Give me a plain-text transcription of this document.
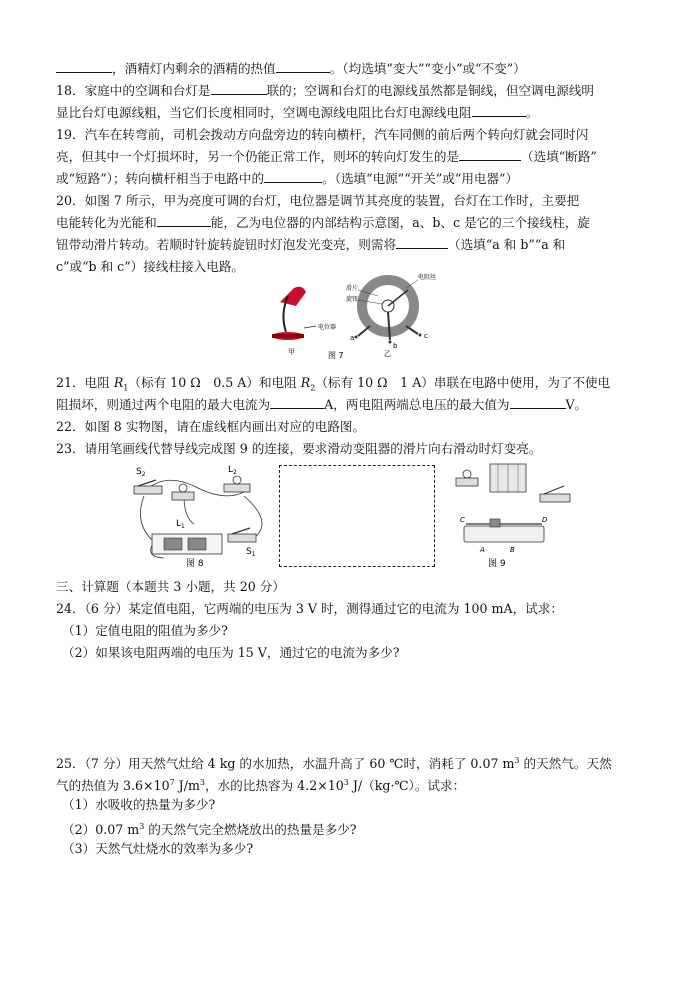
，酒精灯内剩余的酒精的热值	。（均选填“变大”“变小”或“不变”）
18．家庭中的空调和台灯是	联的；空调和台灯的电源线虽然都是铜线，但空调电源线明
显比台灯电源线粗，当它们长度相同时，空调电源线电阻比台灯电源线电阻	。
19．汽车在转弯前，司机会拨动方向盘旁边的转向横杆，汽车同侧的前后两个转向灯就会同时闪
亮，但其中一个灯损坏时，另一个仍能正常工作，则坏的转向灯发生的是	（选填“断路”
或“短路”）；转向横杆相当于电路中的	。（选填“电源”“开关”或“用电器”）
20．如图 7 所示，甲为亮度可调的台灯，电位器是调节其亮度的装置，台灯在工作时，主要把
电能转化为光能和	能，乙为电位器的内部结构示意图，a、b、c 是它的三个接线柱，旋
钮带动滑片转动。若顺时针旋转旋钮时灯泡发光变亮，则需将	（选填“a 和 b”“a 和
c”或“b 和 c”）接线柱接入电路。
电位器
甲	图 7
滑片
旋钮
电阻丝
a
b
c
乙
21．电阻 $R_1$（标有 10 Ω　0.5 A）和电阻 $R_2$（标有 10 Ω　1 A）串联在电路中使用，为了不使电
阻损坏，则通过两个电阻的最大电流为	A，两电阻两端总电压的最大值为	V。
22．如图 8 实物图，请在虚线框内画出对应的电路图。
23．请用笔画线代替导线完成图 9 的连接，要求滑动变阻器的滑片向右滑动时灯变亮。
$S_2$	$L_2$
$L_1$
$S_1$
图 8
C	D
A	B
图 9
三、计算题（本题共 3 小题，共 20 分）
24．（6 分）某定值电阻，它两端的电压为 3 V 时，测得通过它的电流为 100 mA，试求：
（1）定值电阻的阻值为多少?
（2）如果该电阻两端的电压为 15 V，通过它的电流为多少?
25．（7 分）用天然气灶给 4 kg 的水加热，水温升高了 60 ℃时，消耗了 0.07 $m^3$ 的天然气。天然
气的热值为 $3.6\times 10^7$ $J/m^3$，水的比热容为 $4.2\times 10^3$ J/（kg·℃）。试求：
（1）水吸收的热量为多少?
（2）0.07 $m^3$ 的天然气完全燃烧放出的热量是多少?
（3）天然气灶烧水的效率为多少?
